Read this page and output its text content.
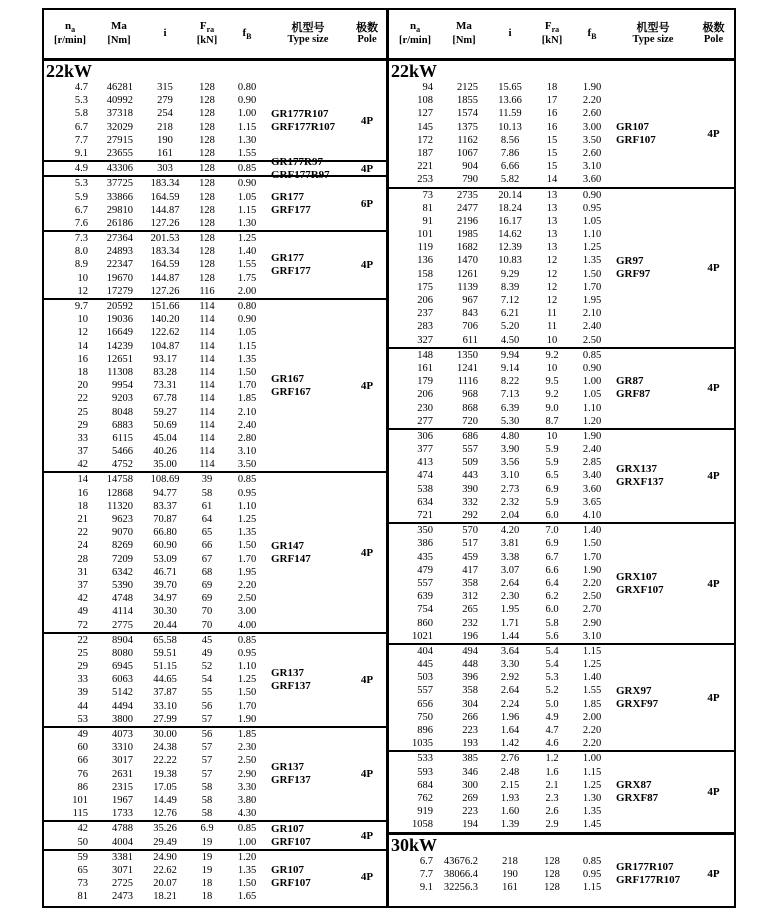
$n_a$
[r/min]
Ma
[Nm]
i
$F_{ra}$
[kN]
$f_B$
机型号
Type size
极数
Pole
22kW
4.7	46281	315	128	0.80
5.3	40992	279	128	0.90
5.8	37318	254	128	1.00
6.7	32029	218	128	1.15
7.7	27915	190	128	1.30
9.1	23655	161	128	1.55
GR177R107
GRF177R107	4P
4.9	43306	303	128	0.85
GR177R97
GRF177R97	4P
5.3	37725	183.34	128	0.90
5.9	33866	164.59	128	1.05
6.7	29810	144.87	128	1.15
7.6	26186	127.26	128	1.30
GR177
GRF177	6P
7.3	27364	201.53	128	1.25
8.0	24893	183.34	128	1.40
8.9	22347	164.59	128	1.55
10	19670	144.87	128	1.75
12	17279	127.26	116	2.00
GR177
GRF177	4P
9.7	20592	151.66	114	0.80
10	19036	140.20	114	0.90
12	16649	122.62	114	1.05
14	14239	104.87	114	1.15
16	12651	93.17	114	1.35
18	11308	83.28	114	1.50
20	9954	73.31	114	1.70
22	9203	67.78	114	1.85
25	8048	59.27	114	2.10
29	6883	50.69	114	2.40
33	6115	45.04	114	2.80
37	5466	40.26	114	3.10
42	4752	35.00	114	3.50
GR167
GRF167	4P
14	14758	108.69	39	0.85
16	12868	94.77	58	0.95
18	11320	83.37	61	1.10
21	9623	70.87	64	1.25
22	9070	66.80	65	1.35
24	8269	60.90	66	1.50
28	7209	53.09	67	1.70
31	6342	46.71	68	1.95
37	5390	39.70	69	2.20
42	4748	34.97	69	2.50
49	4114	30.30	70	3.00
72	2775	20.44	70	4.00
GR147
GRF147	4P
22	8904	65.58	45	0.85
25	8080	59.51	49	0.95
29	6945	51.15	52	1.10
33	6063	44.65	54	1.25
39	5142	37.87	55	1.50
44	4494	33.10	56	1.70
53	3800	27.99	57	1.90
GR137
GRF137	4P
49	4073	30.00	56	1.85
60	3310	24.38	57	2.30
66	3017	22.22	57	2.50
76	2631	19.38	57	2.90
86	2315	17.05	58	3.30
101	1967	14.49	58	3.80
115	1733	12.76	58	4.30
GR137
GRF137	4P
42	4788	35.26	6.9	0.85
50	4004	29.49	19	1.00
GR107
GRF107	4P
59	3381	24.90	19	1.20
65	3071	22.62	19	1.35
73	2725	20.07	18	1.50
81	2473	18.21	18	1.65
GR107
GRF107	4P
$n_a$
[r/min]
Ma
[Nm]
i
$F_{ra}$
[kN]
$f_B$
机型号
Type size
极数
Pole
22kW
94	2125	15.65	18	1.90
108	1855	13.66	17	2.20
127	1574	11.59	16	2.60
145	1375	10.13	16	3.00
172	1162	8.56	15	3.50
187	1067	7.86	15	2.60
221	904	6.66	15	3.10
253	790	5.82	14	3.60
GR107
GRF107	4P
73	2735	20.14	13	0.90
81	2477	18.24	13	0.95
91	2196	16.17	13	1.05
101	1985	14.62	13	1.10
119	1682	12.39	13	1.25
136	1470	10.83	12	1.35
158	1261	9.29	12	1.50
175	1139	8.39	12	1.70
206	967	7.12	12	1.95
237	843	6.21	11	2.10
283	706	5.20	11	2.40
327	611	4.50	10	2.50
GR97
GRF97	4P
148	1350	9.94	9.2	0.85
161	1241	9.14	10	0.90
179	1116	8.22	9.5	1.00
206	968	7.13	9.2	1.05
230	868	6.39	9.0	1.10
277	720	5.30	8.7	1.20
GR87
GRF87	4P
306	686	4.80	10	1.90
377	557	3.90	5.9	2.40
413	509	3.56	5.9	2.85
474	443	3.10	6.5	3.40
538	390	2.73	6.9	3.60
634	332	2.32	5.9	3.65
721	292	2.04	6.0	4.10
GRX137
GRXF137	4P
350	570	4.20	7.0	1.40
386	517	3.81	6.9	1.50
435	459	3.38	6.7	1.70
479	417	3.07	6.6	1.90
557	358	2.64	6.4	2.20
639	312	2.30	6.2	2.50
754	265	1.95	6.0	2.70
860	232	1.71	5.8	2.90
1021	196	1.44	5.6	3.10
GRX107
GRXF107	4P
404	494	3.64	5.4	1.15
445	448	3.30	5.4	1.25
503	396	2.92	5.3	1.40
557	358	2.64	5.2	1.55
656	304	2.24	5.0	1.85
750	266	1.96	4.9	2.00
896	223	1.64	4.7	2.20
1035	193	1.42	4.6	2.20
GRX97
GRXF97	4P
533	385	2.76	1.2	1.00
593	346	2.48	1.6	1.15
684	300	2.15	2.1	1.25
762	269	1.93	2.3	1.30
919	223	1.60	2.6	1.35
1058	194	1.39	2.9	1.45
GRX87
GRXF87	4P
30kW
6.7	43676.2	218	128	0.85
7.7	38066.4	190	128	0.95
9.1	32256.3	161	128	1.15
GR177R107
GRF177R107	4P
